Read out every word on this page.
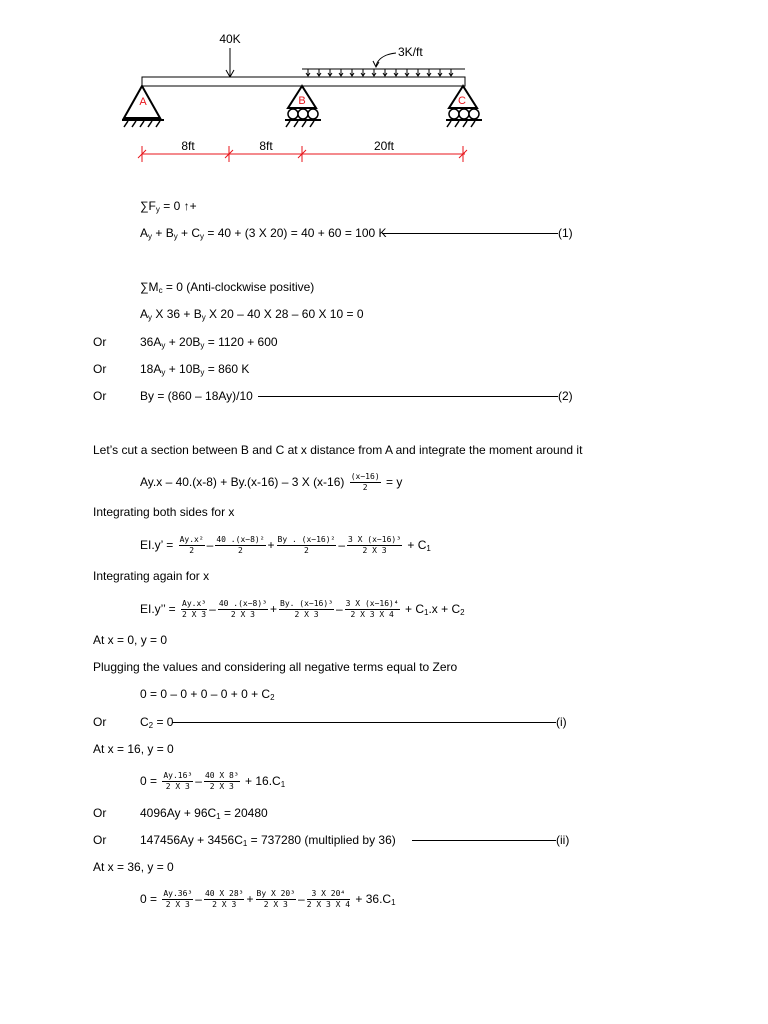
40K
3K/ft
A	B	C
8ft	8ft	20ft
$\sum F_y = 0$ ↑+
$A_y + B_y + C_y = 40 + (3$ X 20) = 40 + 60 = 100 K	(1)
$\sum M_c = 0$ (Anti-clockwise positive)
$A_y$ X $36 + B_y$ X 20 – 40 X 28 – 60 X 10 = 0
Or	$36A_y + 20B_y = 1120 + 600$
Or	$18A_y + 10B_y = 860$ K
Or	By = (860 – 18Ay)/10	(2)
Let’s cut a section between B and C at x distance from A and integrate the moment around it
Ay.x – 40.(x-8) + By.(x-16) – 3 X $(x-16) \frac{(x-16)}{2} = y$
Integrating both sides for x
EI.y’ = $\frac{\text{Ay.x²}}{2} - \frac{\text{40 .(x−8)²}}{2} + \frac{\text{By . (x−16)²}}{2} - \frac{\text{3 X (x−16)³}}{2 X 3} + C_1$
Integrating again for x
EI.y’’ = $\frac{\text{Ay.x³}}{2 X 3} - \frac{\text{40 .(x−8)³}}{2 X 3} + \frac{\text{By. (x−16)³}}{2 X 3} - \frac{\text{3 X (x−16)⁴}}{2 X 3 X 4} + C_1.x + C_2$
At x = 0, y = 0
Plugging the values and considering all negative terms equal to Zero
$0 = 0 - 0 + 0 - 0 + 0 + C_2$
Or	$C_2 = 0$	(i)
At x = 16, y = 0
$0 = \frac{\text{Ay.16³}}{2 X 3} - \frac{\text{40 X 8³}}{2 X 3} + 16.C_1$
Or	$4096Ay + 96C_1 = 20480$
Or	$147456Ay + 3456C_1 = 737280$ (multiplied by 36)	(ii)
At x = 36, y = 0
$0 = \frac{\text{Ay.36³}}{2 X 3} - \frac{\text{40 X 28³}}{2 X 3} + \frac{\text{By X 20³}}{2 X 3} - \frac{\text{3 X 20⁴}}{2 X 3 X 4} + 36.C_1$
